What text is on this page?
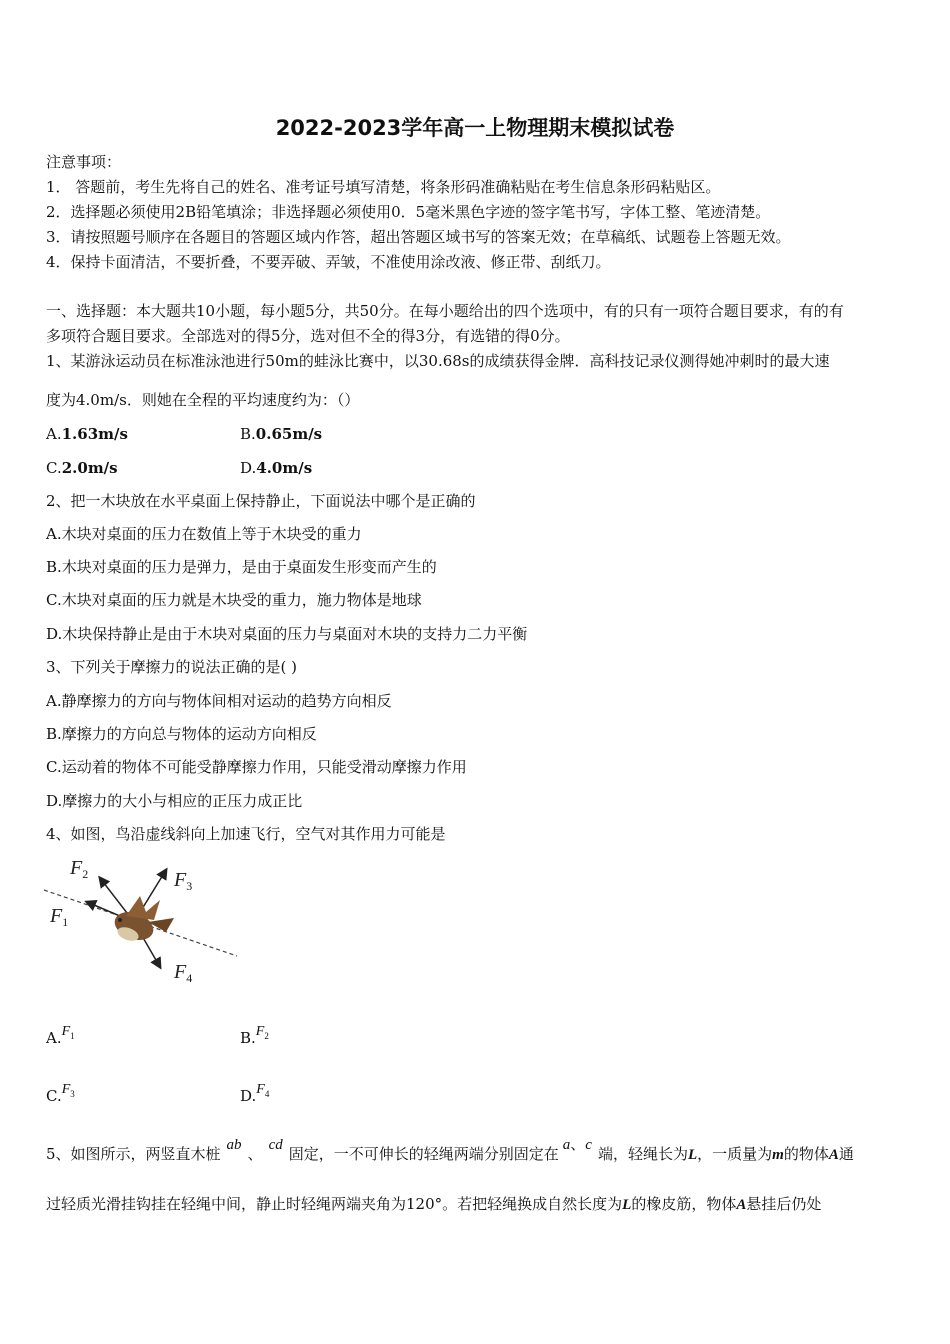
2022-2023学年高一上物理期末模拟试卷
注意事项：
1． 答题前，考生先将自己的姓名、准考证号填写清楚，将条形码准确粘贴在考生信息条形码粘贴区。
2．选择题必须使用2B铅笔填涂；非选择题必须使用0．5毫米黑色字迹的签字笔书写，字体工整、笔迹清楚。
3．请按照题号顺序在各题目的答题区域内作答，超出答题区域书写的答案无效；在草稿纸、试题卷上答题无效。
4．保持卡面清洁，不要折叠，不要弄破、弄皱，不准使用涂改液、修正带、刮纸刀。
一、选择题：本大题共10小题，每小题5分，共50分。在每小题给出的四个选项中，有的只有一项符合题目要求，有的有
多项符合题目要求。全部选对的得5分，选对但不全的得3分，有选错的得0分。
1、某游泳运动员在标准泳池进行50m的蛙泳比赛中，以30.68s的成绩获得金牌．高科技记录仪测得她冲刺时的最大速
度为4.0m/s．则她在全程的平均速度约为：（）
A.1.63m/s	B.0.65m/s
C.2.0m/s	D.4.0m/s
2、把一木块放在水平桌面上保持静止，下面说法中哪个是正确的
A.木块对桌面的压力在数值上等于木块受的重力
B.木块对桌面的压力是弹力，是由于桌面发生形变而产生的
C.木块对桌面的压力就是木块受的重力，施力物体是地球
D.木块保持静止是由于木块对桌面的压力与桌面对木块的支持力二力平衡
3、下列关于摩擦力的说法正确的是( )
A.静摩擦力的方向与物体间相对运动的趋势方向相反
B.摩擦力的方向总与物体的运动方向相反
C.运动着的物体不可能受静摩擦力作用，只能受滑动摩擦力作用
D.摩擦力的大小与相应的正压力成正比
4、如图，鸟沿虚线斜向上加速飞行，空气对其作用力可能是
$F_2$	$F_3$
$F_1$
$F_4$
$A.F_1$	$B.F_2$
$C.F_3$	$D.F_4$
5、如图所示，两竖直木桩 ab 、 cd 固定，一不可伸长的轻绳两端分别固定在 a、c 端，轻绳长为L，一质量为m的物体A通
过轻质光滑挂钩挂在轻绳中间，静止时轻绳两端夹角为120°。若把轻绳换成自然长度为L的橡皮筋，物体A悬挂后仍处
